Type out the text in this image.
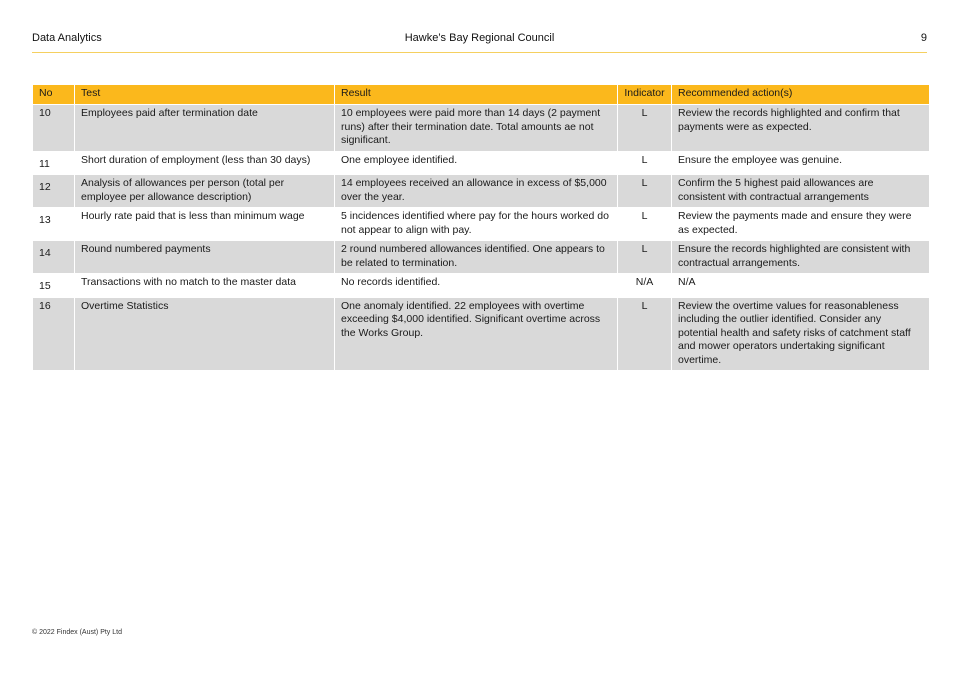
Data Analytics	Hawke’s Bay Regional Council	9
No	Test	Result	Indicator	Recommended action(s)
10	Employees paid after termination date	10 employees were paid more than 14 days (2 payment runs) after their termination date. Total amounts ae not significant.	L	Review the records highlighted and confirm that payments were as expected.
11	Short duration of employment (less than 30 days)	One employee identified.	L	Ensure the employee was genuine.
12	Analysis of allowances per person (total per employee per allowance description)	14 employees received an allowance in excess of $5,000 over the year.	L	Confirm the 5 highest paid allowances are consistent with contractual arrangements
13	Hourly rate paid that is less than minimum wage	5 incidences identified where pay for the hours worked do not appear to align with pay.	L	Review the payments made and ensure they were as expected.
14	Round numbered payments	2 round numbered allowances identified. One appears to be related to termination.	L	Ensure the records highlighted are consistent with contractual arrangements.
15	Transactions with no match to the master data	No records identified.	N/A	N/A
16	Overtime Statistics	One anomaly identified. 22 employees with overtime exceeding $4,000 identified. Significant overtime across the Works Group.	L	Review the overtime values for reasonableness including the outlier identified. Consider any potential health and safety risks of catchment staff and mower operators undertaking significant overtime.
© 2022 Findex (Aust) Pty Ltd
